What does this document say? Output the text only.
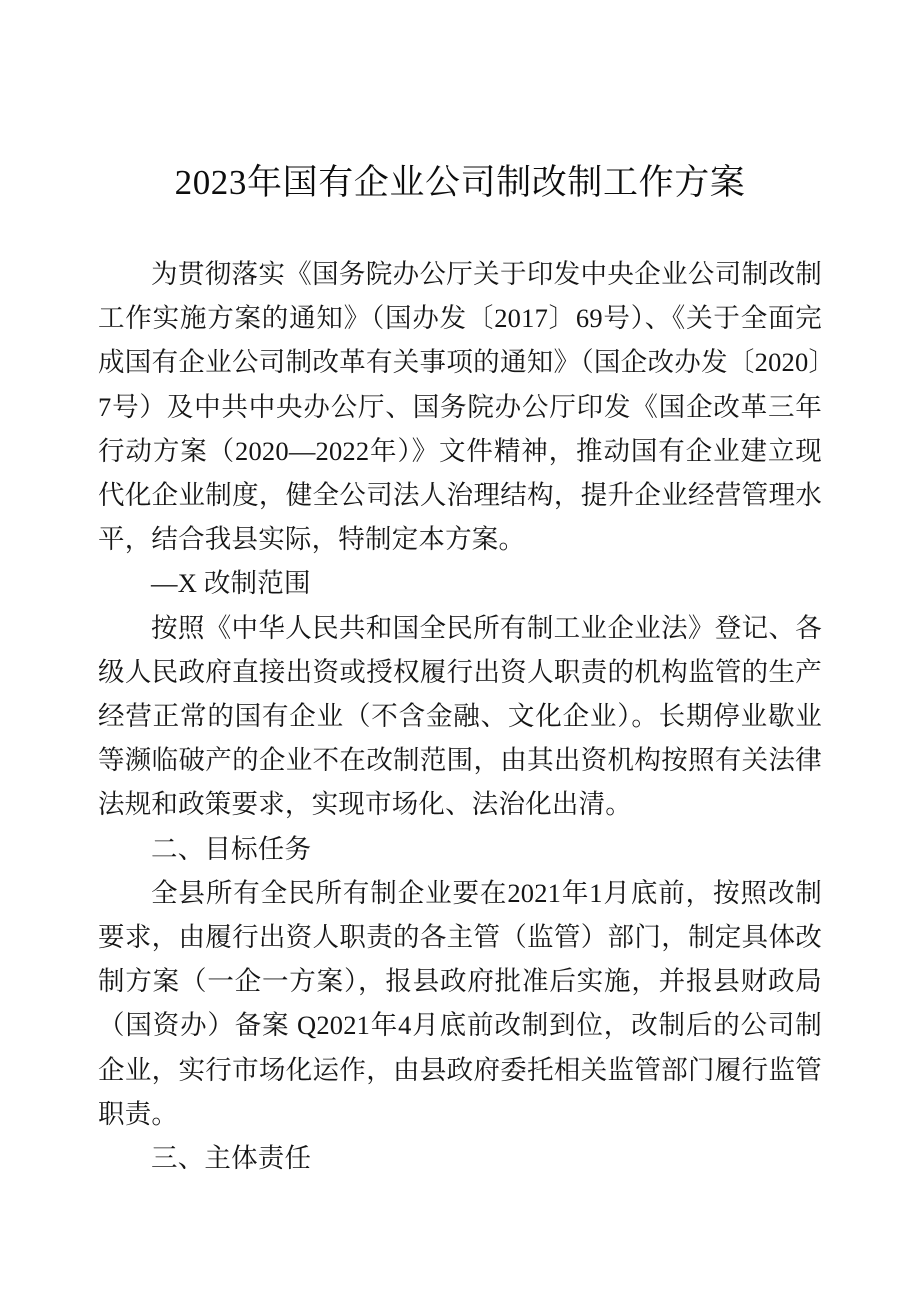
2023年国有企业公司制改制工作方案

为贯彻落实《国务院办公厅关于印发中央企业公司制改制工作实施方案的通知》（国办发〔2017〕69号）、《关于全面完成国有企业公司制改革有关事项的通知》（国企改办发〔2020〕7号）及中共中央办公厅、国务院办公厅印发《国企改革三年行动方案（2020—2022年）》文件精神，推动国有企业建立现代化企业制度，健全公司法人治理结构，提升企业经营管理水平，结合我县实际，特制定本方案。

—X 改制范围

按照《中华人民共和国全民所有制工业企业法》登记、各级人民政府直接出资或授权履行出资人职责的机构监管的生产经营正常的国有企业（不含金融、文化企业）。长期停业歇业等濒临破产的企业不在改制范围，由其出资机构按照有关法律法规和政策要求，实现市场化、法治化出清。

二、目标任务

全县所有全民所有制企业要在2021年1月底前，按照改制要求，由履行出资人职责的各主管（监管）部门，制定具体改制方案（一企一方案），报县政府批准后实施，并报县财政局（国资办）备案 Q2021年4月底前改制到位，改制后的公司制企业，实行市场化运作，由县政府委托相关监管部门履行监管职责。

三、主体责任
